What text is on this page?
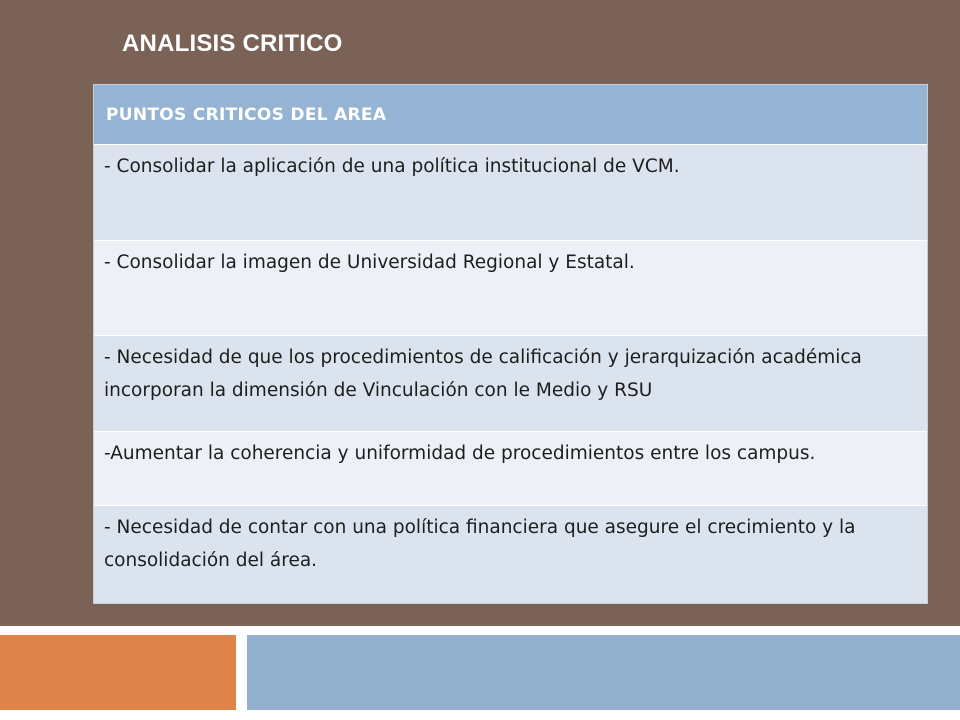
ANALISIS CRITICO
PUNTOS CRITICOS DEL AREA
- Consolidar la aplicación de una política institucional de VCM.
- Consolidar la imagen de Universidad Regional y Estatal.
- Necesidad de que los procedimientos de calificación y jerarquización académica incorporan la dimensión de Vinculación con le Medio y RSU
-Aumentar la coherencia y uniformidad de procedimientos entre los campus.
- Necesidad de contar con una política financiera que asegure el crecimiento y la consolidación del área.
